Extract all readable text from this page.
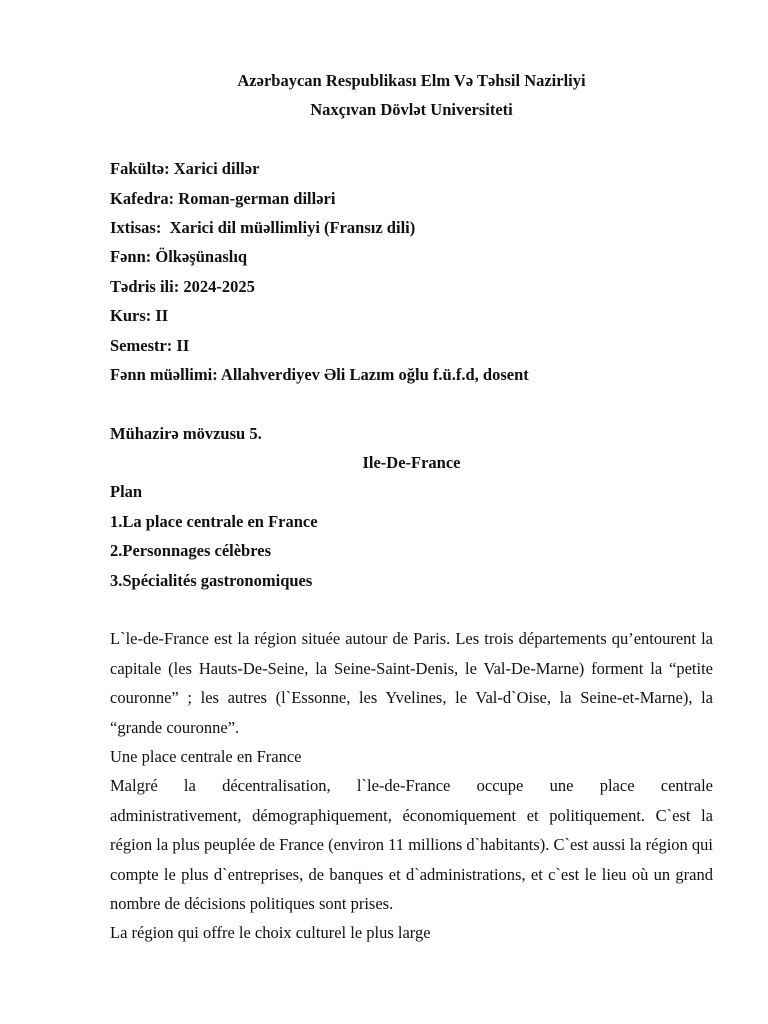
Azərbaycan Respublikası Elm Və Təhsil Nazirliyi
Naxçıvan Dövlət Universiteti
Fakültə: Xarici dillər
Kafedra: Roman-german dilləri
Ixtisas:  Xarici dil müəllimliyi (Fransız dili)
Fənn: Ölkəşünaslıq
Tədris ili: 2024-2025
Kurs: II
Semestr: II
Fənn müəllimi: Allahverdiyev Əli Lazım oğlu f.ü.f.d, dosent
Mühazirə mövzusu 5.
Ile-De-France
Plan
1.La place centrale en France
2.Personnages célèbres
3.Spécialités gastronomiques

L`le-de-France est la région située autour de Paris. Les trois départements qu’entourent la capitale (les Hauts-De-Seine, la Seine-Saint-Denis, le Val-De-Marne) forment la “petite couronne” ; les autres (l`Essonne, les Yvelines, le Val-d`Oise, la Seine-et-Marne), la “grande couronne”.

Une place centrale en France
Malgré la décentralisation, l`le-de-France occupe une place centrale

administrativement, démographiquement, économiquement et politiquement. C`est la région la plus peuplée de France (environ 11 millions d`habitants). C`est aussi la région qui compte le plus d`entreprises, de banques et d`administrations, et c`est le lieu où un grand nombre de décisions politiques sont prises.

La région qui offre le choix culturel le plus large
